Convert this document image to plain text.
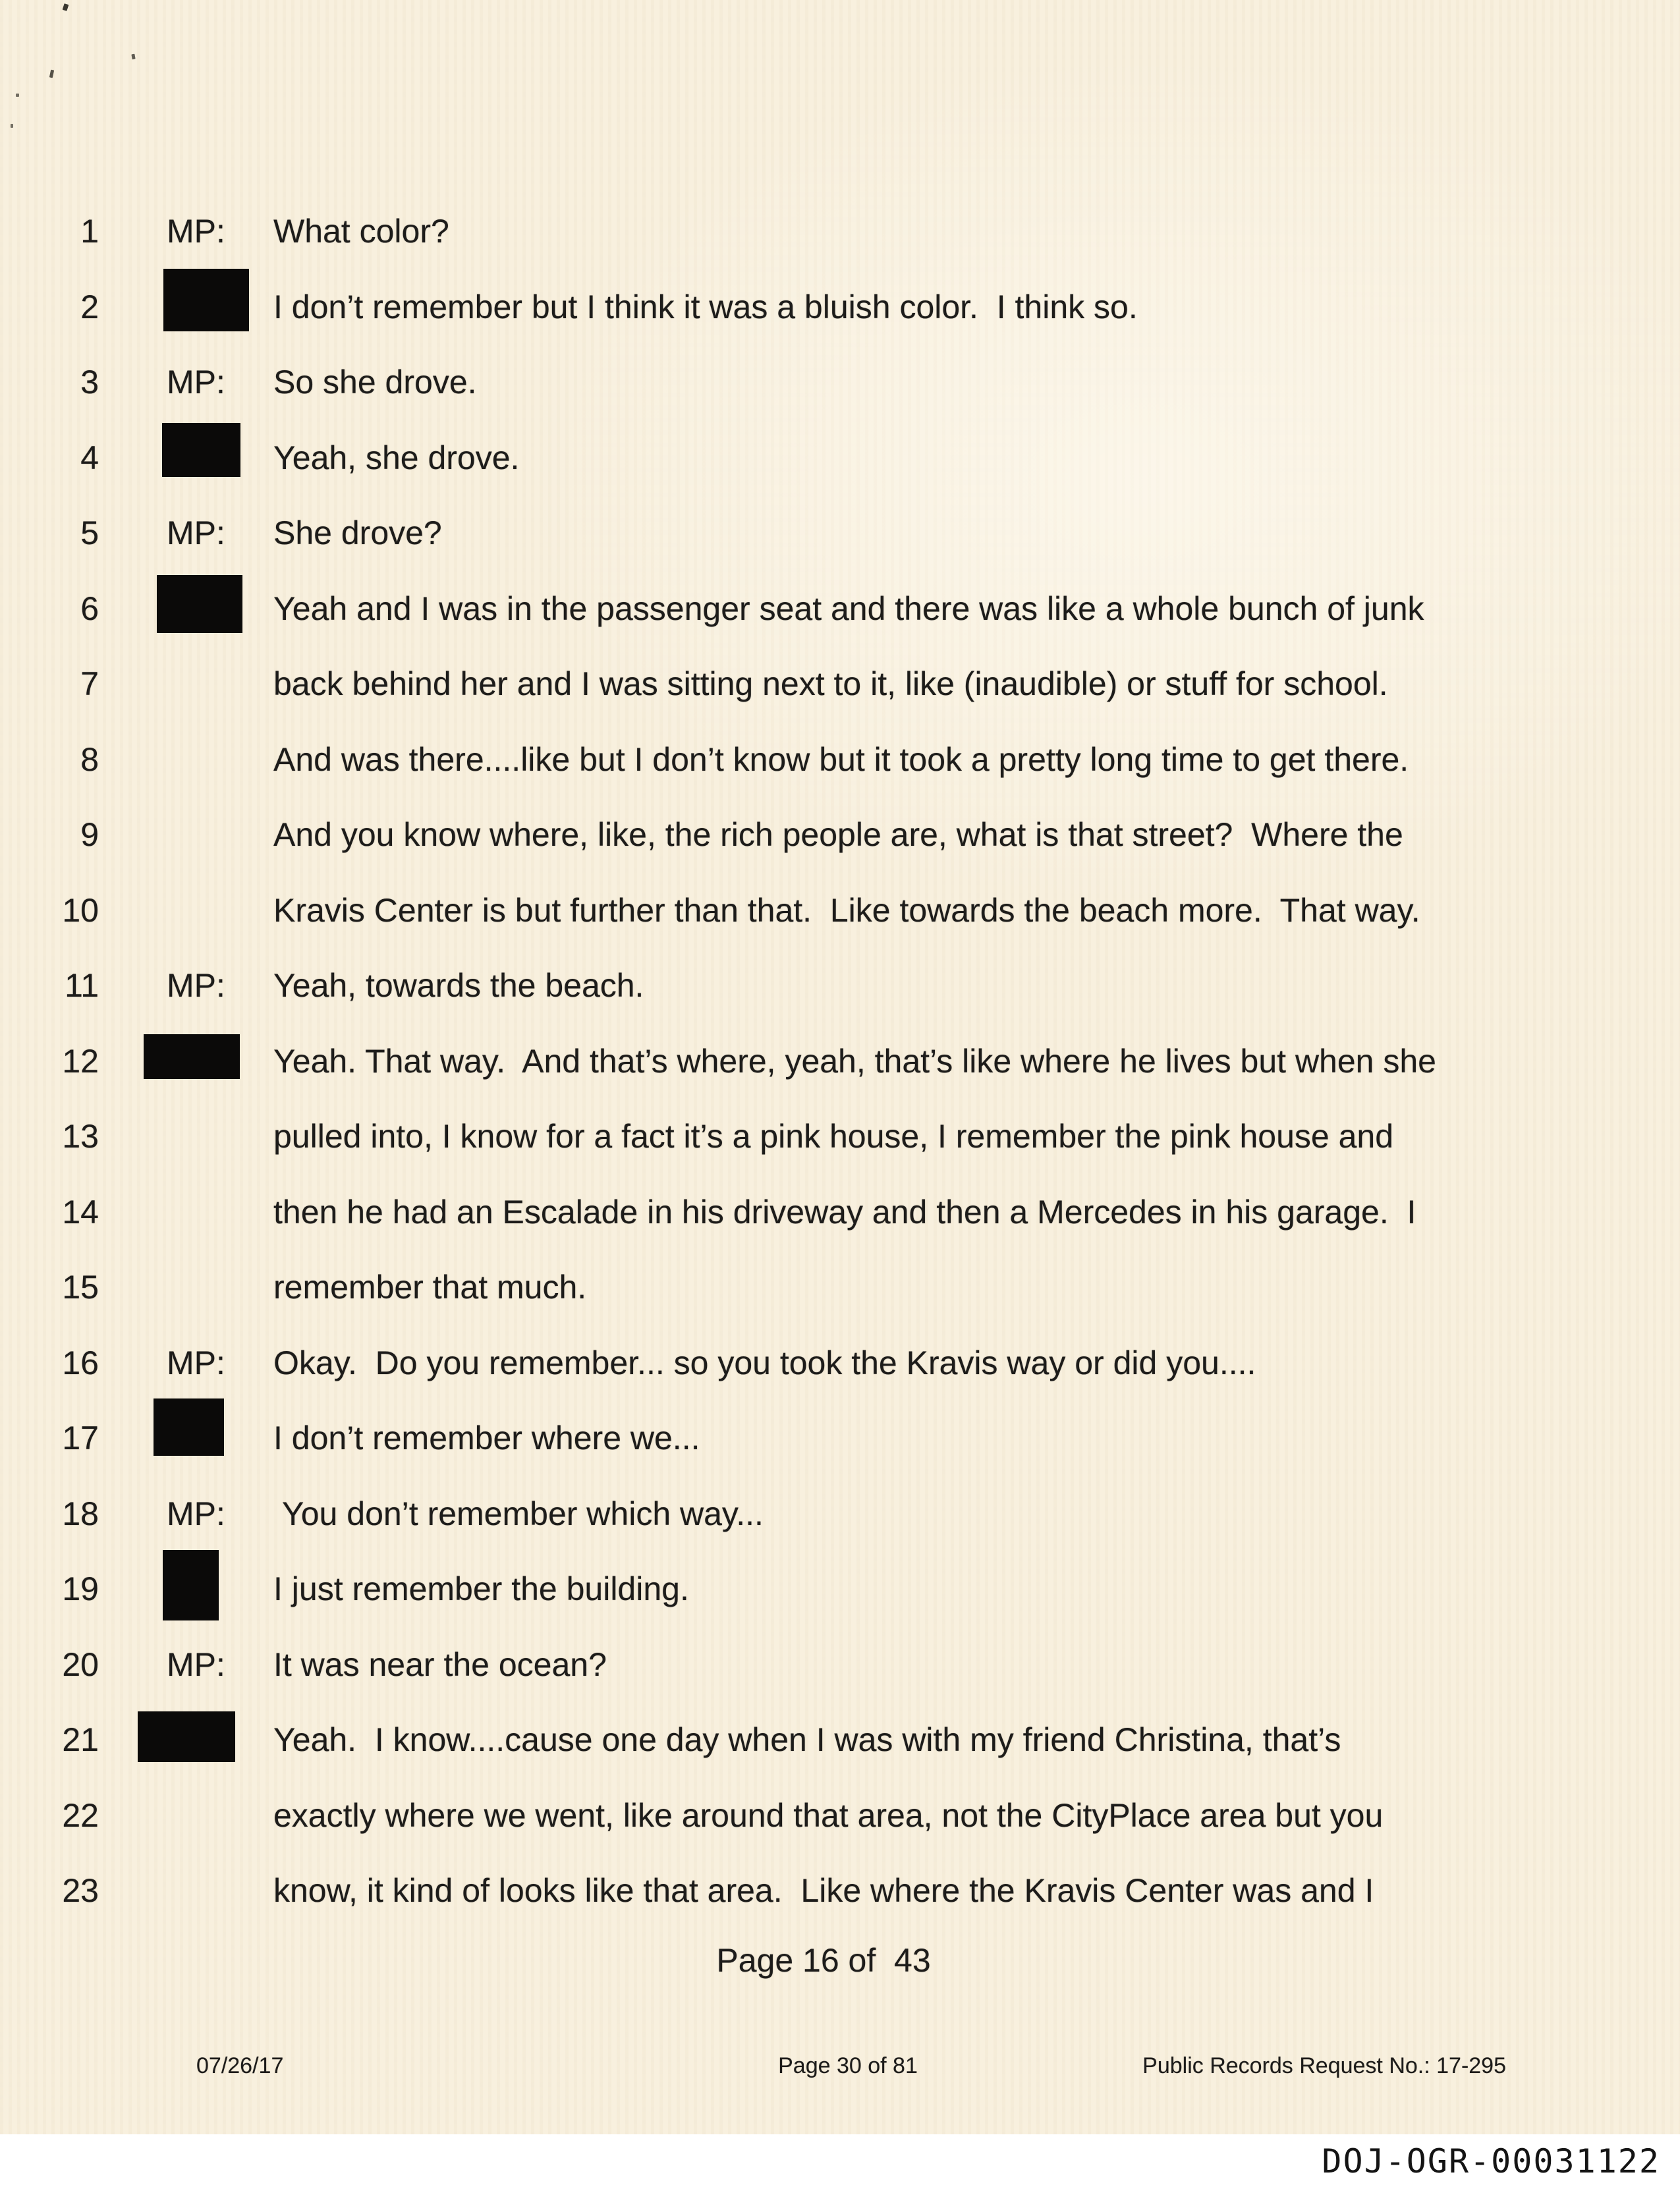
1 MP: What color?
2	I don’t remember but I think it was a bluish color.  I think so.
3 MP: So she drove.
4	Yeah, she drove.
5 MP: She drove?
6	Yeah and I was in the passenger seat and there was like a whole bunch of junk
7	back behind her and I was sitting next to it, like (inaudible) or stuff for school.
8	And was there....like but I don’t know but it took a pretty long time to get there.
9	And you know where, like, the rich people are, what is that street?  Where the
10	Kravis Center is but further than that.  Like towards the beach more.  That way.
11 MP: Yeah, towards the beach.
12	Yeah. That way.  And that’s where, yeah, that’s like where he lives but when she
13	pulled into, I know for a fact it’s a pink house, I remember the pink house and
14	then he had an Escalade in his driveway and then a Mercedes in his garage.  I
15	remember that much.
16 MP: Okay.  Do you remember... so you took the Kravis way or did you....
17	I don’t remember where we...
18 MP: You don’t remember which way...
19	I just remember the building.
20 MP: It was near the ocean?
21	Yeah.  I know....cause one day when I was with my friend Christina, that’s
22	exactly where we went, like around that area, not the CityPlace area but you
23	know, it kind of looks like that area.  Like where the Kravis Center was and I
Page 16 of  43
07/26/17	Page 30 of 81	Public Records Request No.: 17-295
DOJ-OGR-00031122
